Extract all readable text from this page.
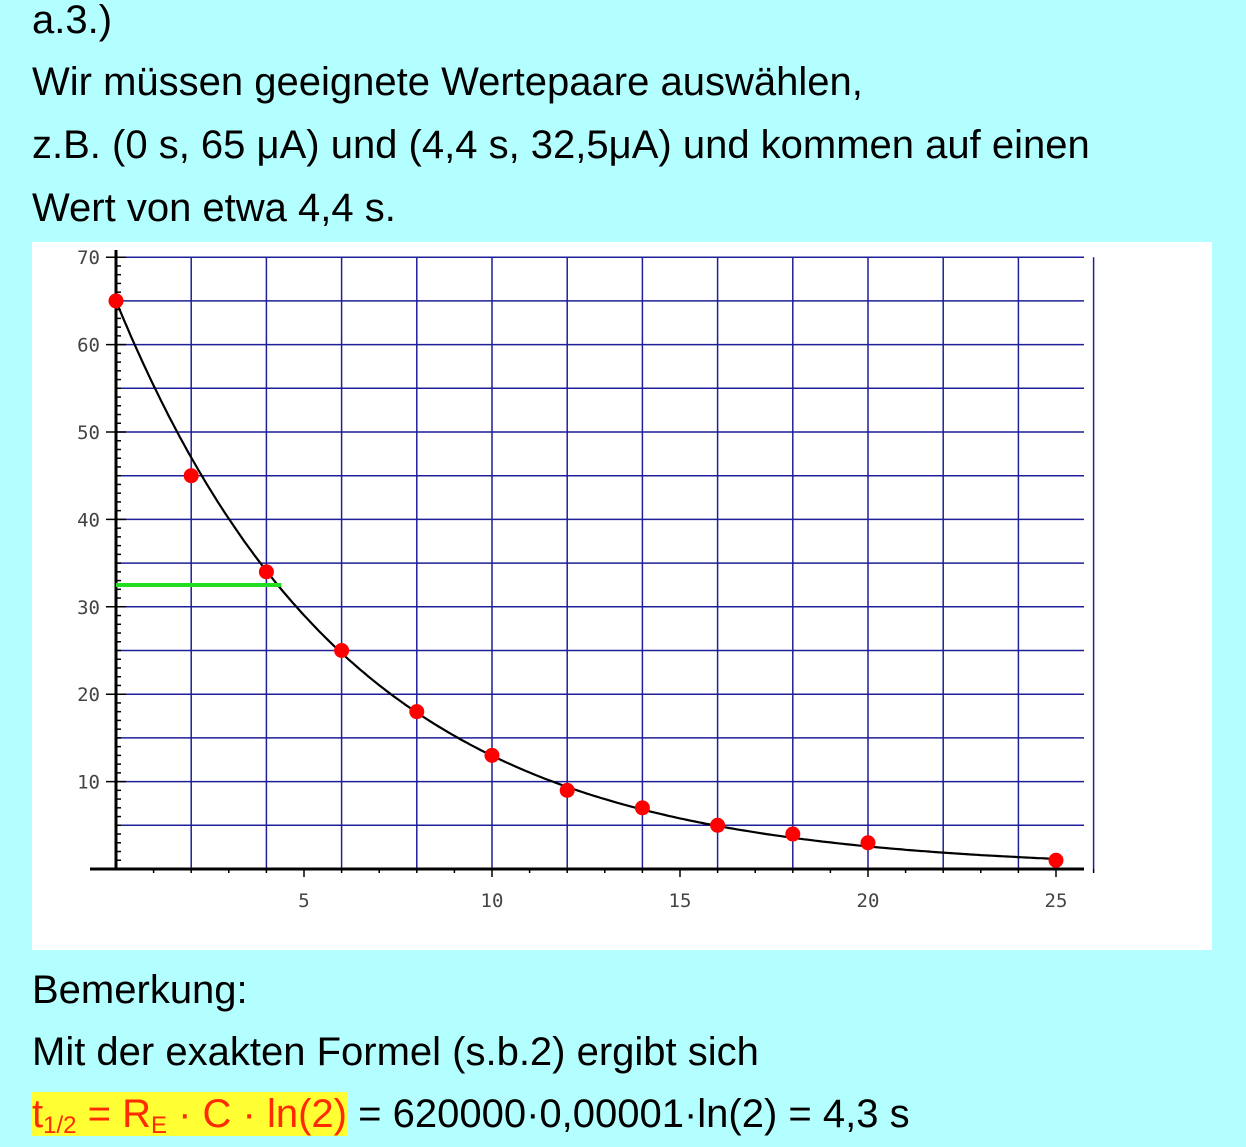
a.3.)
Wir müssen geeignete Wertepaare auswählen,
z.B. (0 s, 65 μA) und (4,4 s, 32,5μA) und kommen auf einen
Wert von etwa 4,4 s.
5	10	15	20	25
10
20
30
40
50
60
70
Bemerkung:
Mit der exakten Formel (s.b.2) ergibt sich
$t_{1/2} = R_E \cdot C \cdot \ln(2) = 620000\cdot 0,00001\cdot\ln(2) = 4,3$ s
